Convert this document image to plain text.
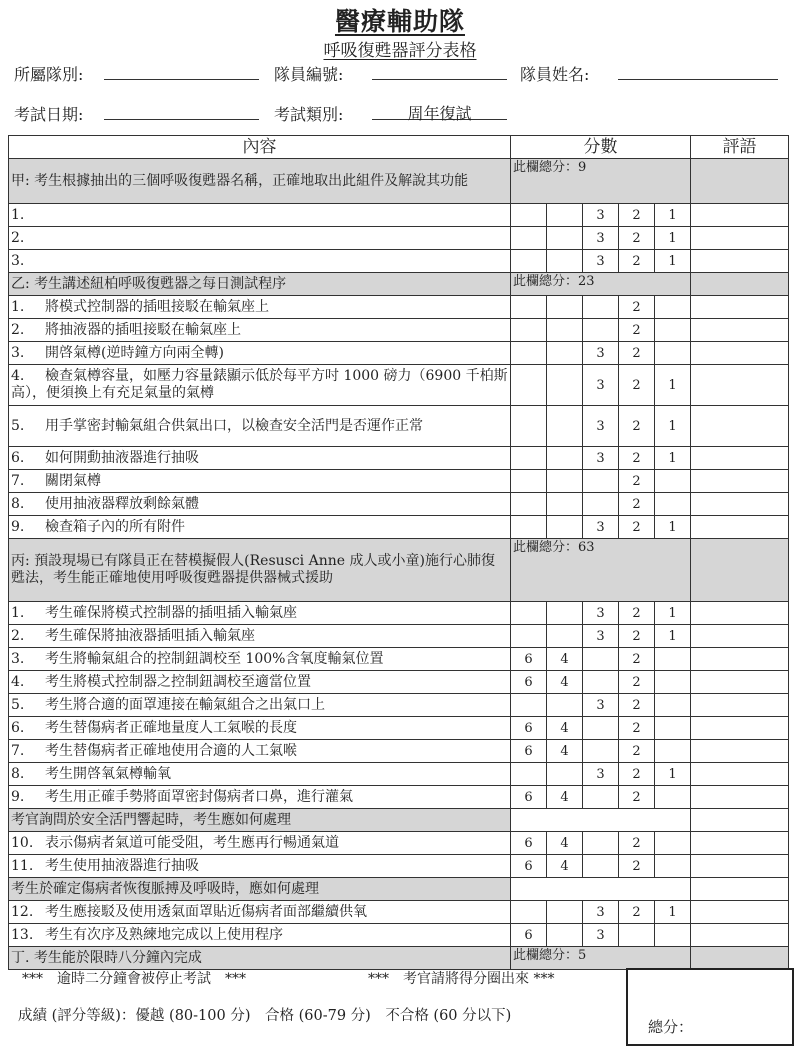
醫療輔助隊
呼吸復甦器評分表格
所屬隊別:	隊員編號:	隊員姓名:
考試日期:	考試類別:	周年復試
內容	分數					評語
甲: 考生根據抽出的三個呼吸復甦器名稱，正確地取出此組件及解說其功能	此欄總分：9					
1.			3	2	1	
2.			3	2	1	
3.			3	2	1	
乙: 考生講述紐柏呼吸復甦器之每日測試程序	此欄總分：23					
1. 將模式控制器的插咀接駁在輸氣座上				2		
2. 將抽液器的插咀接駁在輸氣座上				2		
3. 開啓氣樽(逆時鐘方向兩全轉)			3	2		
4. 檢查氣樽容量，如壓力容量錶顯示低於每平方吋 1000 磅力（6900 千柏斯高），便須換上有充足氣量的氣樽			3	2	1	
5. 用手掌密封輸氣組合供氣出口，以檢查安全活門是否運作正常			3	2	1	
6. 如何開動抽液器進行抽吸			3	2	1	
7. 關閉氣樽				2		
8. 使用抽液器釋放剩餘氣體				2		
9. 檢查箱子內的所有附件			3	2	1	
丙: 預設現場已有隊員正在替模擬假人(Resusci Anne 成人或小童)施行心肺復甦法，考生能正確地使用呼吸復甦器提供器械式援助	此欄總分：63					
1. 考生確保將模式控制器的插咀插入輸氣座			3	2	1	
2. 考生確保將抽液器插咀插入輸氣座			3	2	1	
3. 考生將輸氣組合的控制鈕調校至 100%含氧度輸氣位置	6	4		2		
4. 考生將模式控制器之控制鈕調校至適當位置	6	4		2		
5. 考生將合適的面罩連接在輸氣組合之出氣口上			3	2		
6. 考生替傷病者正確地量度人工氣喉的長度	6	4		2		
7. 考生替傷病者正確地使用合適的人工氣喉	6	4		2		
8. 考生開啓氧氣樽輸氧			3	2	1	
9. 考生用正確手勢將面罩密封傷病者口鼻，進行灌氣	6	4		2		
考官詢問於安全活門響起時，考生應如何處理						
10. 表示傷病者氣道可能受阻，考生應再行暢通氣道	6	4		2		
11. 考生使用抽液器進行抽吸	6	4		2		
考生於確定傷病者恢復脈搏及呼吸時，應如何處理						
12. 考生應接駁及使用透氣面罩貼近傷病者面部繼續供氧			3	2	1	
13. 考生有次序及熟練地完成以上使用程序	6		3			
丁. 考生能於限時八分鐘內完成	此欄總分：5					
***　逾時二分鐘會被停止考試　***	***　考官請將得分圈出來 ***
成績 (評分等級)：優越 (80-100 分)　合格 (60-79 分)　不合格 (60 分以下)
總分：
